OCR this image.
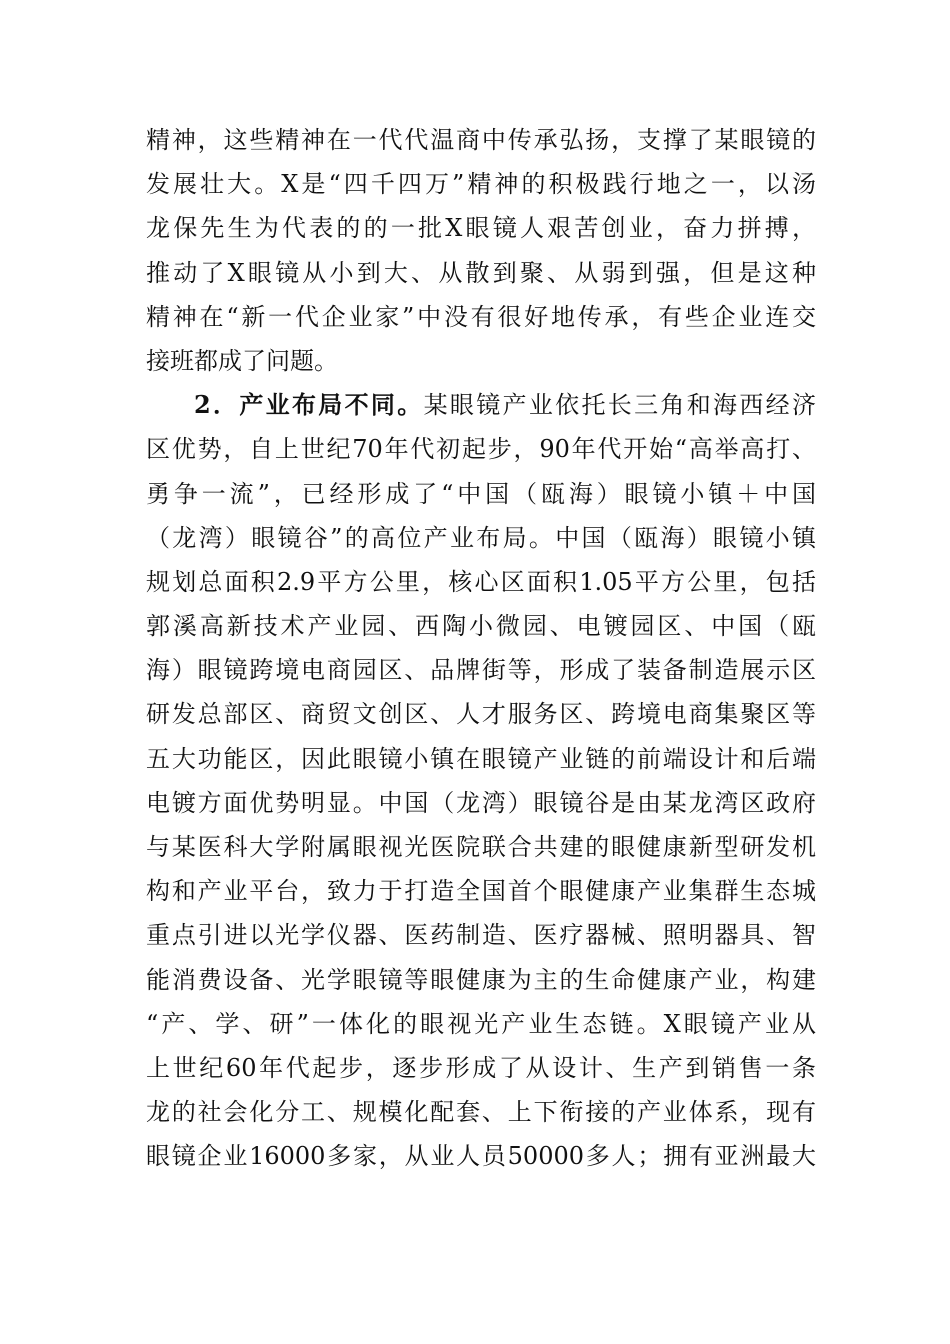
精神，这些精神在一代代温商中传承弘扬，支撑了某眼镜的
发展壮大。X是“四千四万”精神的积极践行地之一，以汤
龙保先生为代表的的一批X眼镜人艰苦创业，奋力拼搏，
推动了X眼镜从小到大、从散到聚、从弱到强，但是这种
精神在“新一代企业家”中没有很好地传承，有些企业连交
接班都成了问题。
2．产业布局不同。某眼镜产业依托长三角和海西经济
区优势，自上世纪70年代初起步，90年代开始“高举高打、
勇争一流”，已经形成了“中国（瓯海）眼镜小镇＋中国
（龙湾）眼镜谷”的高位产业布局。中国（瓯海）眼镜小镇
规划总面积2.9平方公里，核心区面积1.05平方公里，包括
郭溪高新技术产业园、西陶小微园、电镀园区、中国（瓯
海）眼镜跨境电商园区、品牌街等，形成了装备制造展示区
研发总部区、商贸文创区、人才服务区、跨境电商集聚区等
五大功能区，因此眼镜小镇在眼镜产业链的前端设计和后端
电镀方面优势明显。中国（龙湾）眼镜谷是由某龙湾区政府
与某医科大学附属眼视光医院联合共建的眼健康新型研发机
构和产业平台，致力于打造全国首个眼健康产业集群生态城
重点引进以光学仪器、医药制造、医疗器械、照明器具、智
能消费设备、光学眼镜等眼健康为主的生命健康产业，构建
“产、学、研”一体化的眼视光产业生态链。X眼镜产业从
上世纪60年代起步，逐步形成了从设计、生产到销售一条
龙的社会化分工、规模化配套、上下衔接的产业体系，现有
眼镜企业16000多家，从业人员50000多人；拥有亚洲最大
